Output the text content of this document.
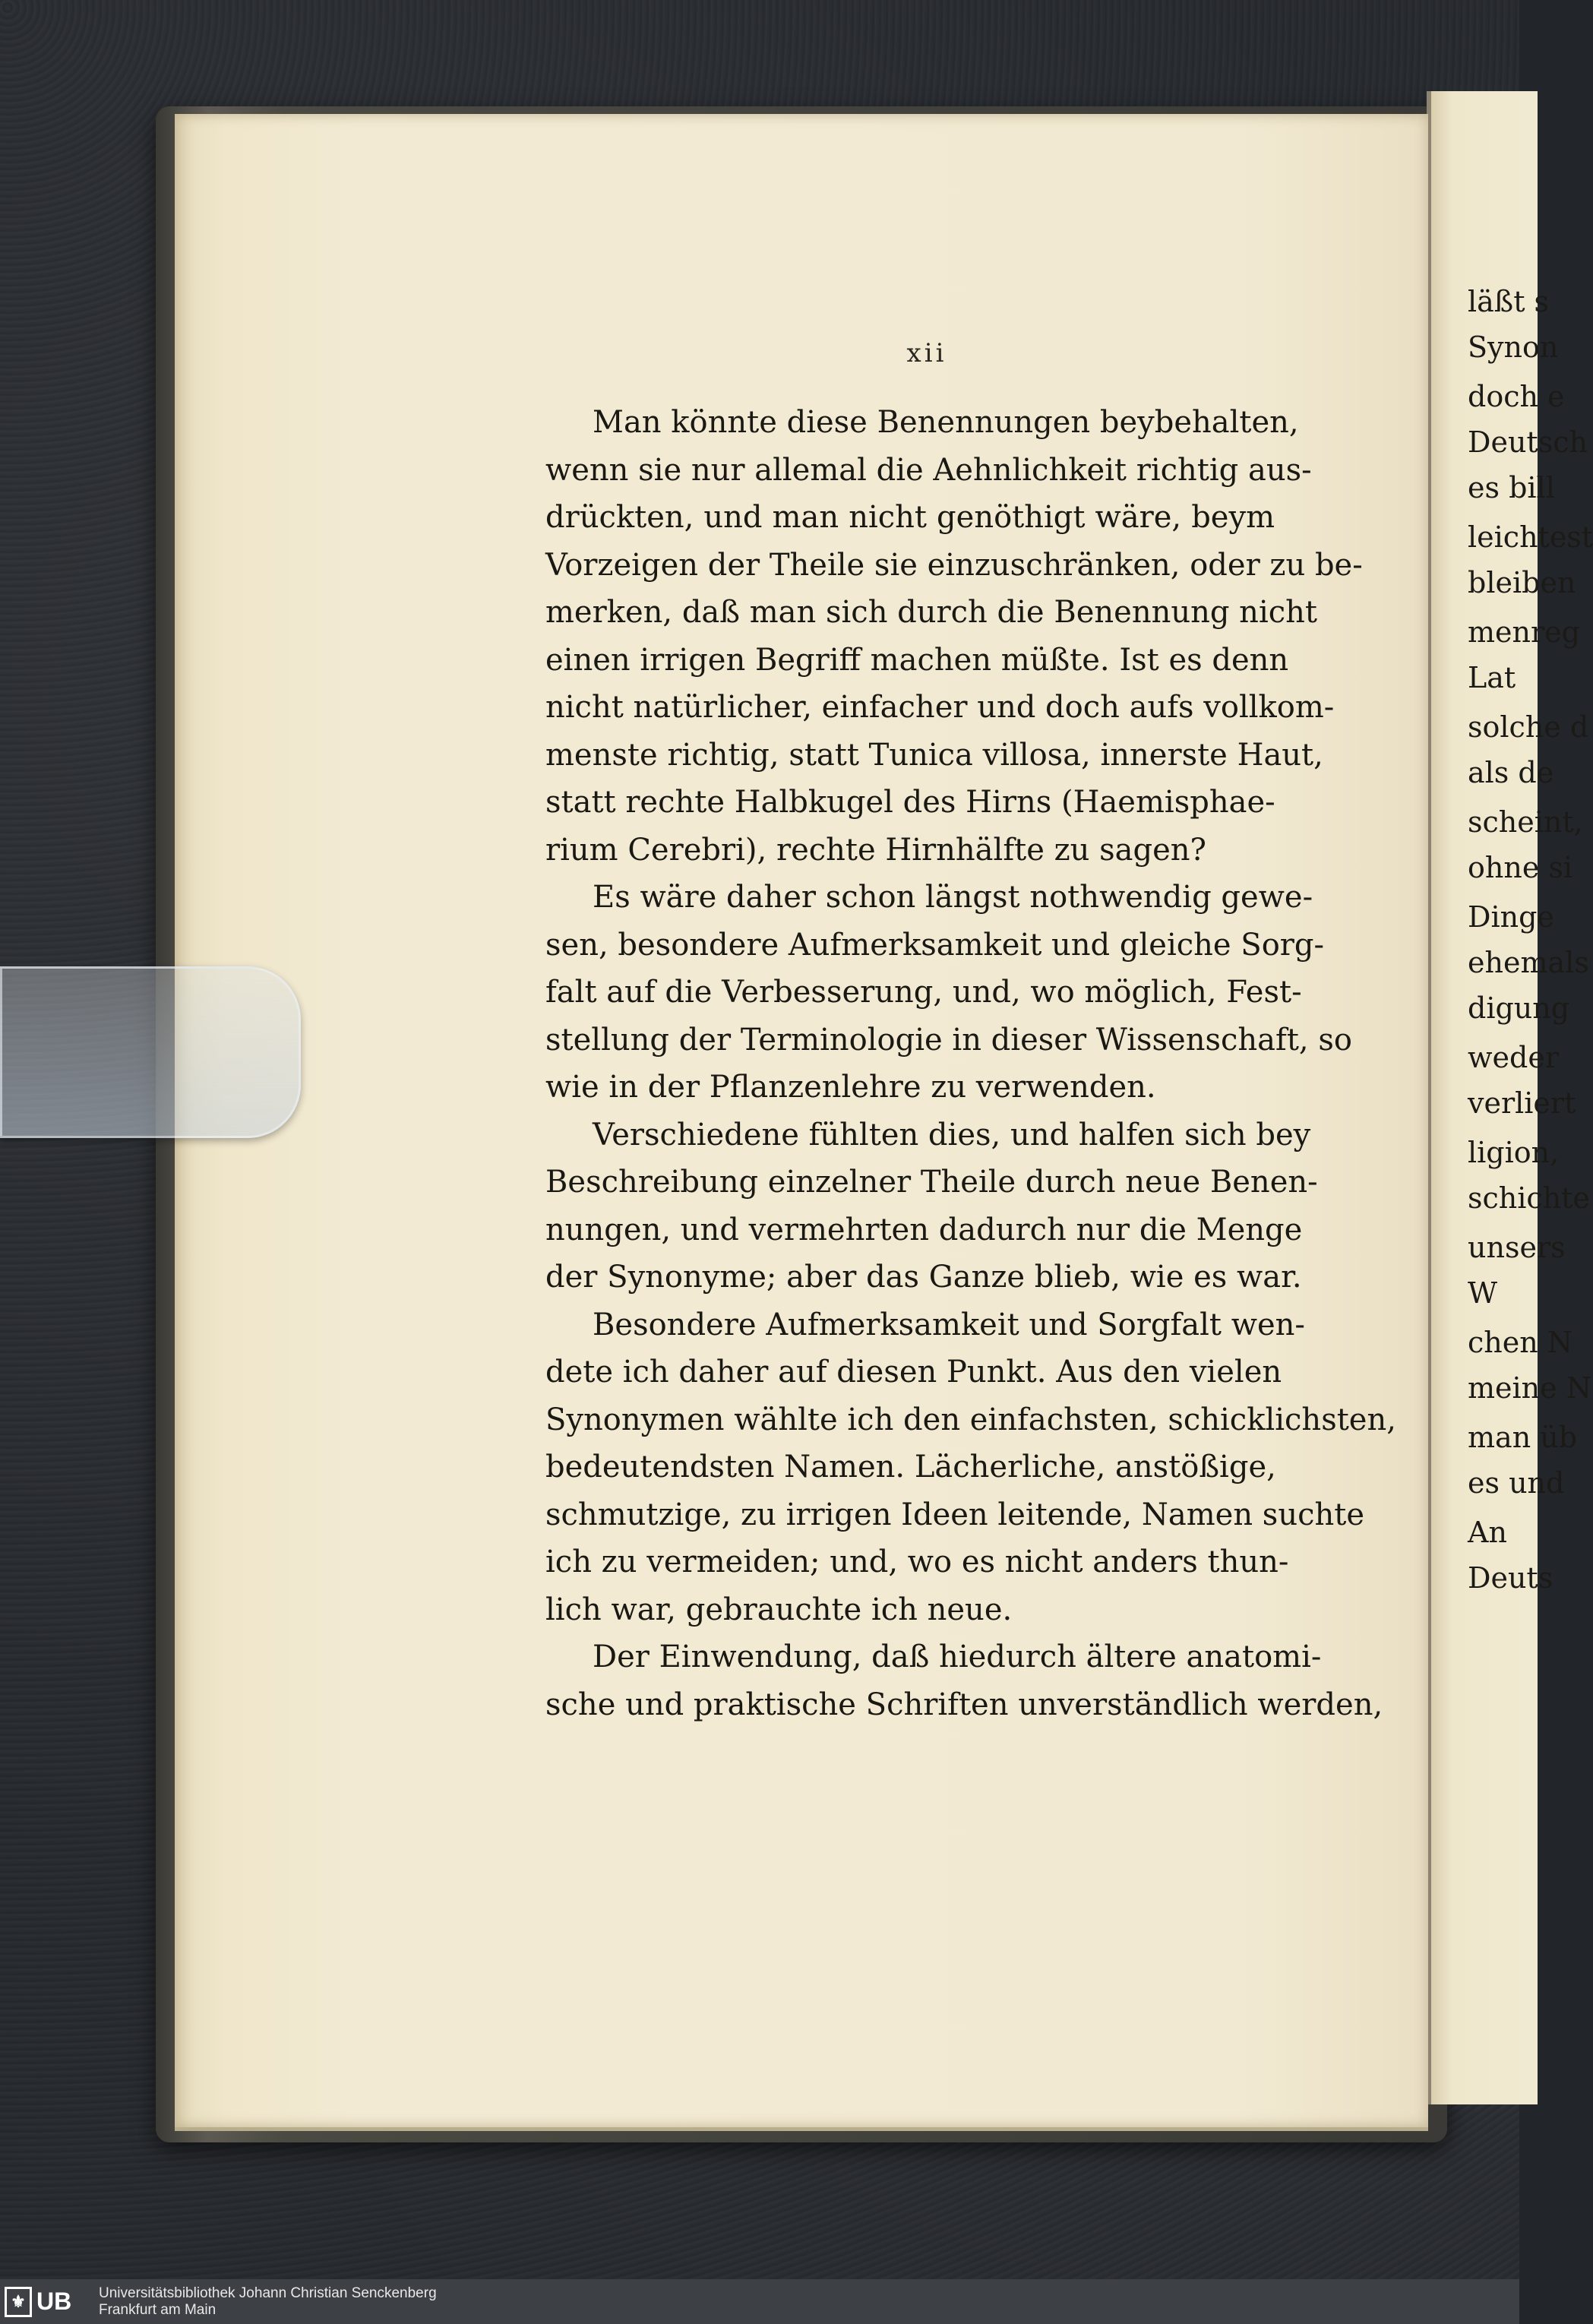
läßt s
Synon
doch e
Deutsch
es bill
leichtest
bleiben
menreg
Lat
solche d
als de
scheint,
ohne si
Dinge
ehemals
digung
weder
verliert
ligion,
schichte
unsers
W
chen N
meine N
man üb
es und
An
Deuts
xii
Man könnte diese Benennungen beybehalten,
wenn sie nur allemal die Aehnlichkeit richtig aus-
drückten, und man nicht genöthigt wäre, beym
Vorzeigen der Theile sie einzuschränken, oder zu be-
merken, daß man sich durch die Benennung nicht
einen irrigen Begriff machen müßte. Ist es denn
nicht natürlicher, einfacher und doch aufs vollkom-
menste richtig, statt Tunica villosa, innerste Haut,
statt rechte Halbkugel des Hirns (Haemisphae-
rium Cerebri), rechte Hirnhälfte zu sagen?
Es wäre daher schon längst nothwendig gewe-
sen, besondere Aufmerksamkeit und gleiche Sorg-
falt auf die Verbesserung, und, wo möglich, Fest-
stellung der Terminologie in dieser Wissenschaft, so
wie in der Pflanzenlehre zu verwenden.
Verschiedene fühlten dies, und halfen sich bey
Beschreibung einzelner Theile durch neue Benen-
nungen, und vermehrten dadurch nur die Menge
der Synonyme; aber das Ganze blieb, wie es war.
Besondere Aufmerksamkeit und Sorgfalt wen-
dete ich daher auf diesen Punkt. Aus den vielen
Synonymen wählte ich den einfachsten, schicklichsten,
bedeutendsten Namen. Lächerliche, anstößige,
schmutzige, zu irrigen Ideen leitende, Namen suchte
ich zu vermeiden; und, wo es nicht anders thun-
lich war, gebrauchte ich neue.
Der Einwendung, daß hiedurch ältere anatomi-
sche und praktische Schriften unverständlich werden,
⚜ UB Universitätsbibliothek Johann Christian Senckenberg
Frankfurt am Main
